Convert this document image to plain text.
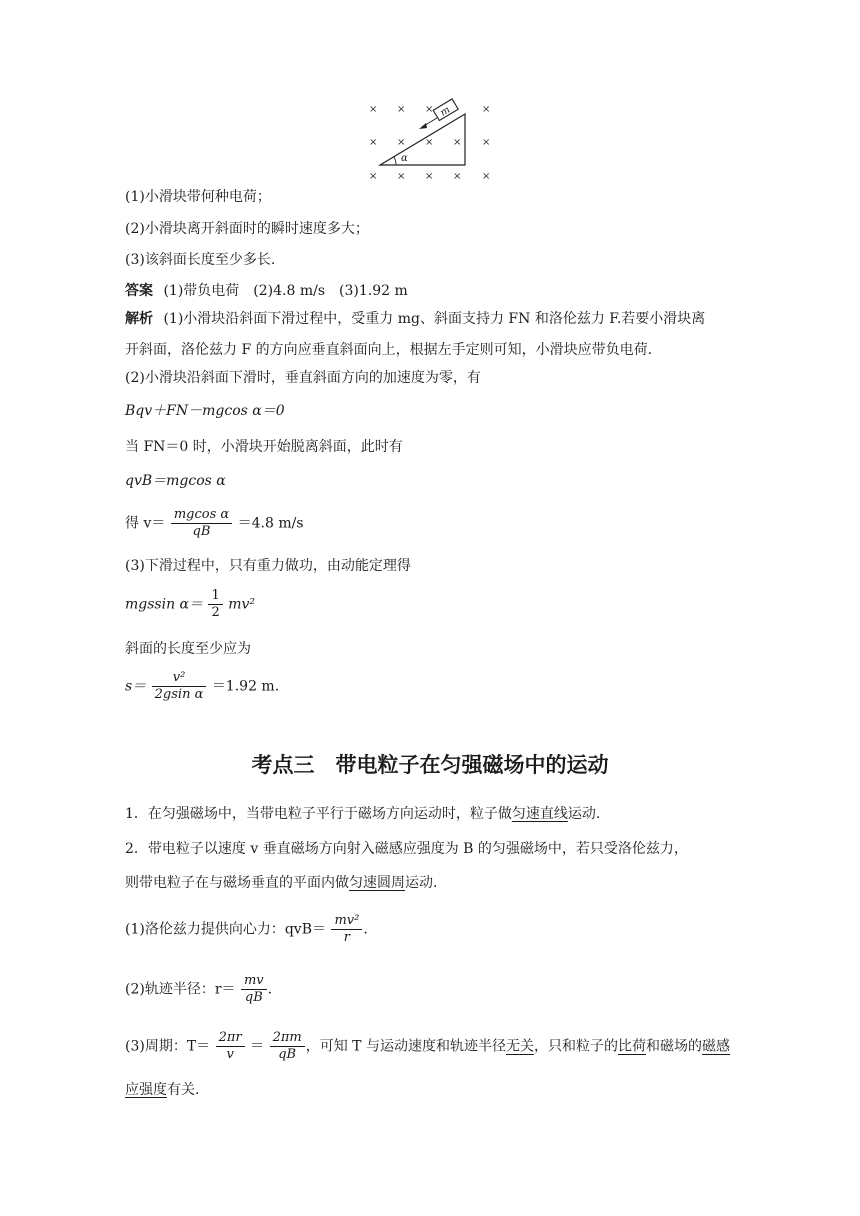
× × ×	×
× × × × ×
× × × × ×
α
m
(1)小滑块带何种电荷；
(2)小滑块离开斜面时的瞬时速度多大；
(3)该斜面长度至少多长.
答案 (1)带负电荷　(2)4.8 m/s　(3)1.92 m
解析 (1)小滑块沿斜面下滑过程中，受重力 mg、斜面支持力 FN 和洛伦兹力 F.若要小滑块离
开斜面，洛伦兹力 F 的方向应垂直斜面向上，根据左手定则可知，小滑块应带负电荷.
(2)小滑块沿斜面下滑时，垂直斜面方向的加速度为零，有
Bqv＋FN－mgcos α＝0
当 FN＝0 时，小滑块开始脱离斜面，此时有
qvB＝mgcos α
得 $v= \frac{\text{mgcos α}}{qB} =4.8$ m/s
(3)下滑过程中，只有重力做功，由动能定理得
mgssin $\alpha= \frac{1}{2} mv^2$
斜面的长度至少应为
$s= \frac{\text{v²}}{\text{2gsin α}} =1.92$ m.
考点三　带电粒子在匀强磁场中的运动
1．在匀强磁场中，当带电粒子平行于磁场方向运动时，粒子做匀速直线运动.
2．带电粒子以速度 v 垂直磁场方向射入磁感应强度为 B 的匀强磁场中，若只受洛伦兹力，
则带电粒子在与磁场垂直的平面内做匀速圆周运动.
(1)洛伦兹力提供向心力：$qvB= \frac{\text{mv²}}{r}$ .
(2)轨迹半径：$r= \frac{mv}{qB}$ .
(3)周期：$T= \frac{2\pi r}{v} = \frac{2\pi m}{qB}$ ，可知 T 与运动速度和轨迹半径无关，只和粒子的比荷和磁场的磁感
应强度有关.
